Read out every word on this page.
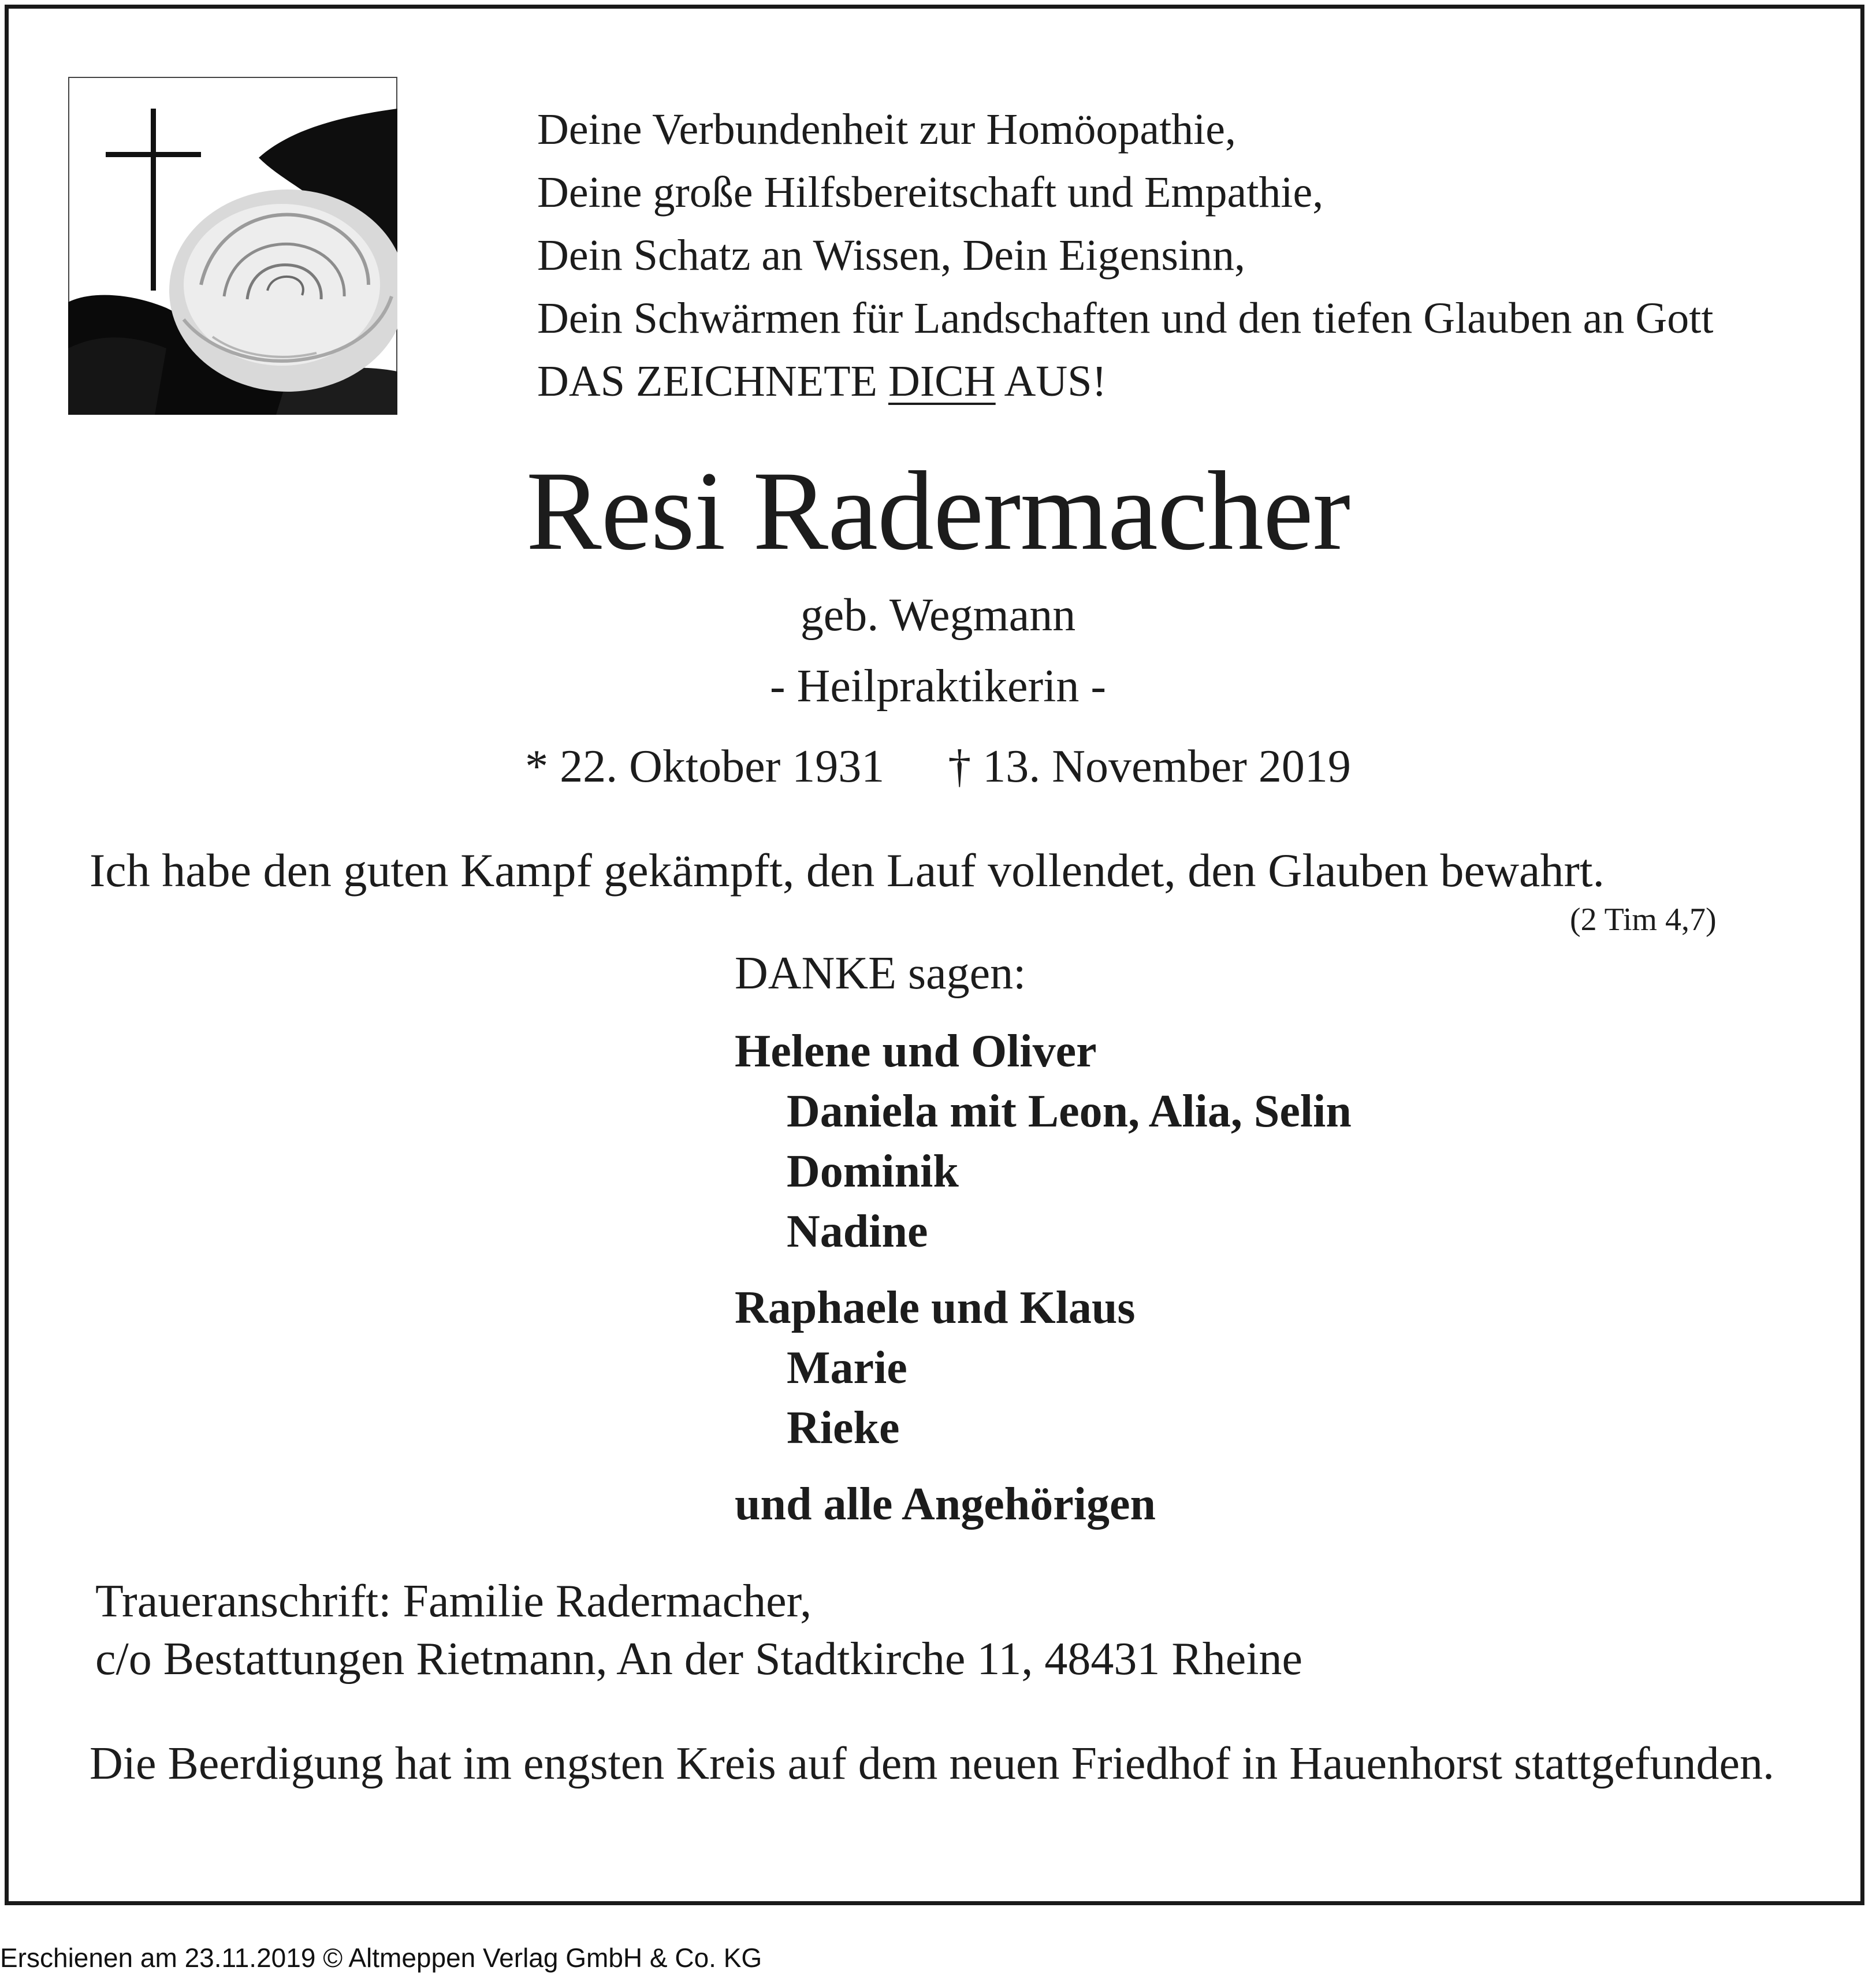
Deine Verbundenheit zur Homöopathie,
Deine große Hilfsbereitschaft und Empathie,
Dein Schatz an Wissen, Dein Eigensinn,
Dein Schwärmen für Landschaften und den tiefen Glauben an Gott
DAS ZEICHNETE DICH AUS!
Resi Radermacher
geb. Wegmann
- Heilpraktikerin -
* 22. Oktober 1931 † 13. November 2019
Ich habe den guten Kampf gekämpft, den Lauf vollendet, den Glauben bewahrt.
(2 Tim 4,7)
DANKE sagen:
Helene und Oliver
Daniela mit Leon, Alia, Selin
Dominik
Nadine
Raphaele und Klaus
Marie
Rieke
und alle Angehörigen
Traueranschrift: Familie Radermacher,
c/o Bestattungen Rietmann, An der Stadtkirche 11, 48431 Rheine
Die Beerdigung hat im engsten Kreis auf dem neuen Friedhof in Hauenhorst stattgefunden.
Erschienen am 23.11.2019 © Altmeppen Verlag GmbH & Co. KG
